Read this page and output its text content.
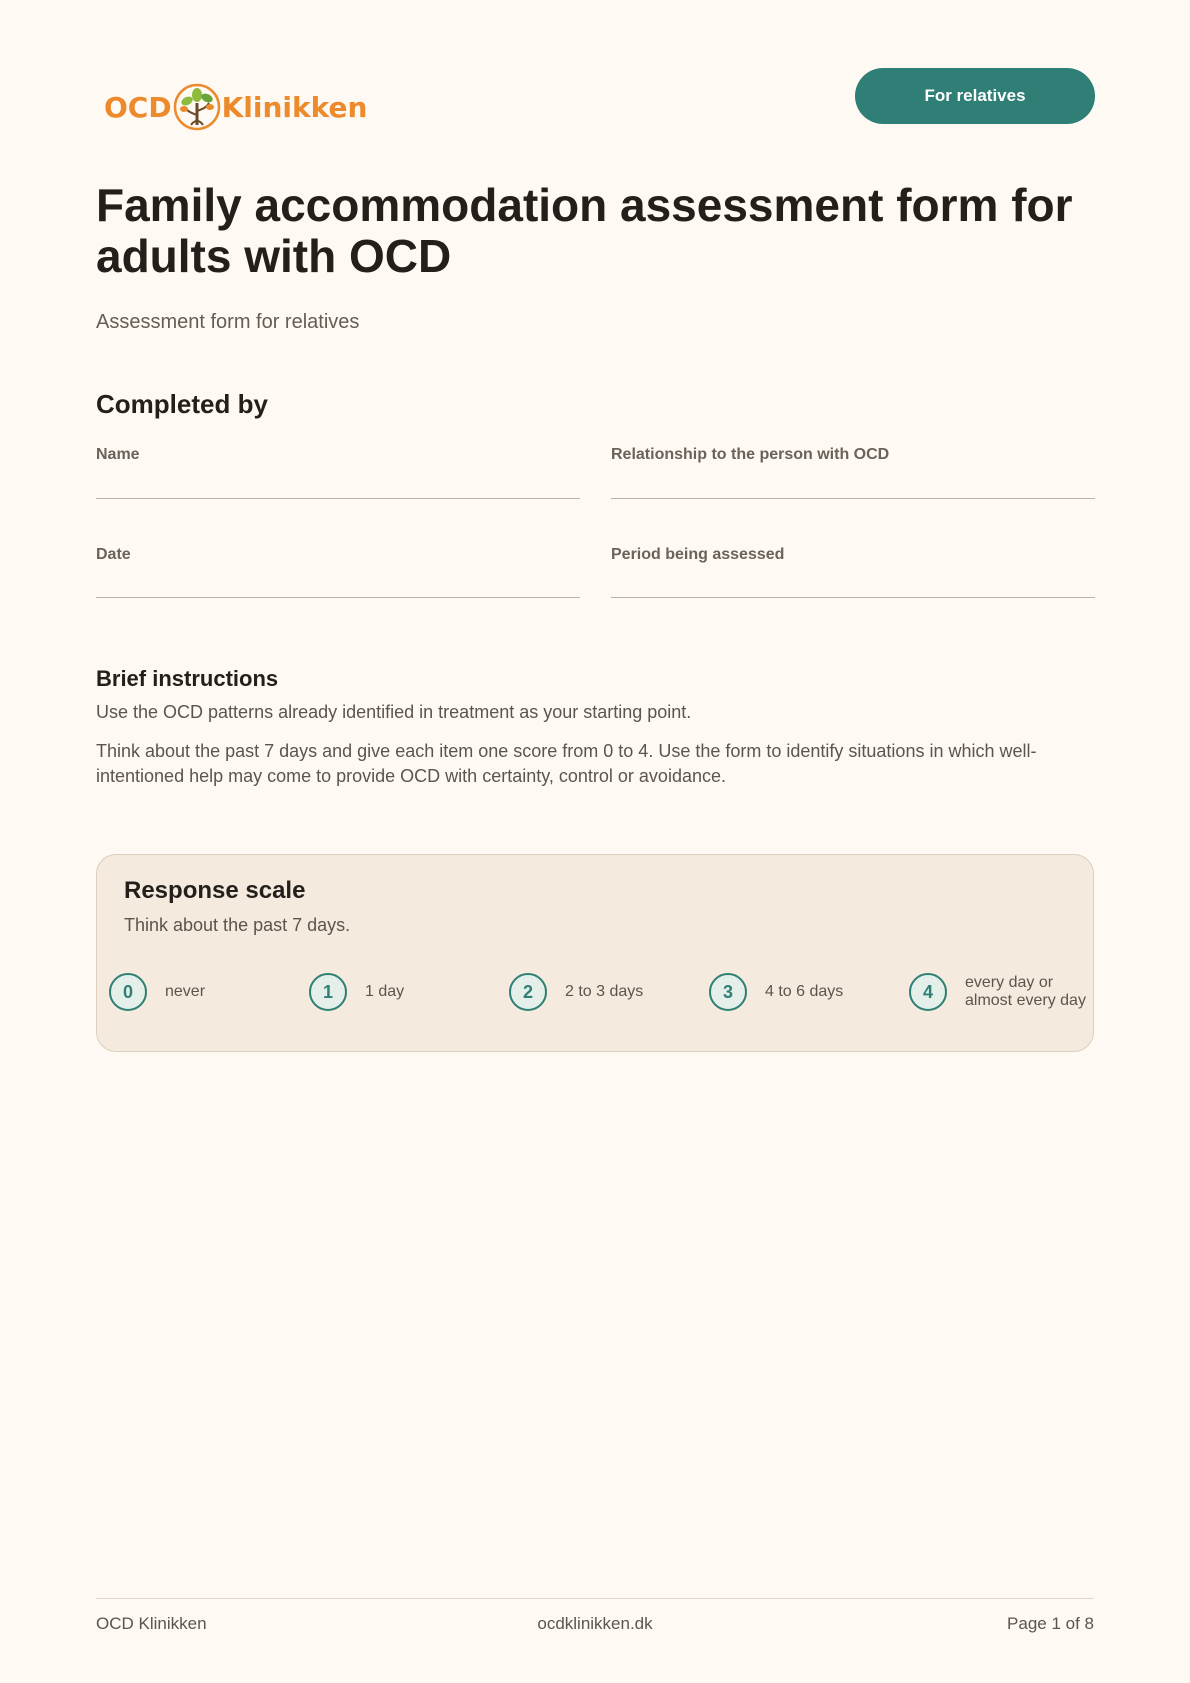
OCD Klinikken	For relatives
Family accommodation assessment form for adults with OCD
Assessment form for relatives
Completed by
Name	Relationship to the person with OCD
Date	Period being assessed
Brief instructions

Use the OCD patterns already identified in treatment as your starting point.

Think about the past 7 days and give each item one score from 0 to 4. Use the form to identify situations in which well-intentioned help may come to provide OCD with certainty, control or avoidance.

Response scale
Think about the past 7 days.
0	never	1	1 day	2	2 to 3 days	3	4 to 6 days	4	every day or almost every day
OCD Klinikken	ocdklinikken.dk	Page 1 of 8
